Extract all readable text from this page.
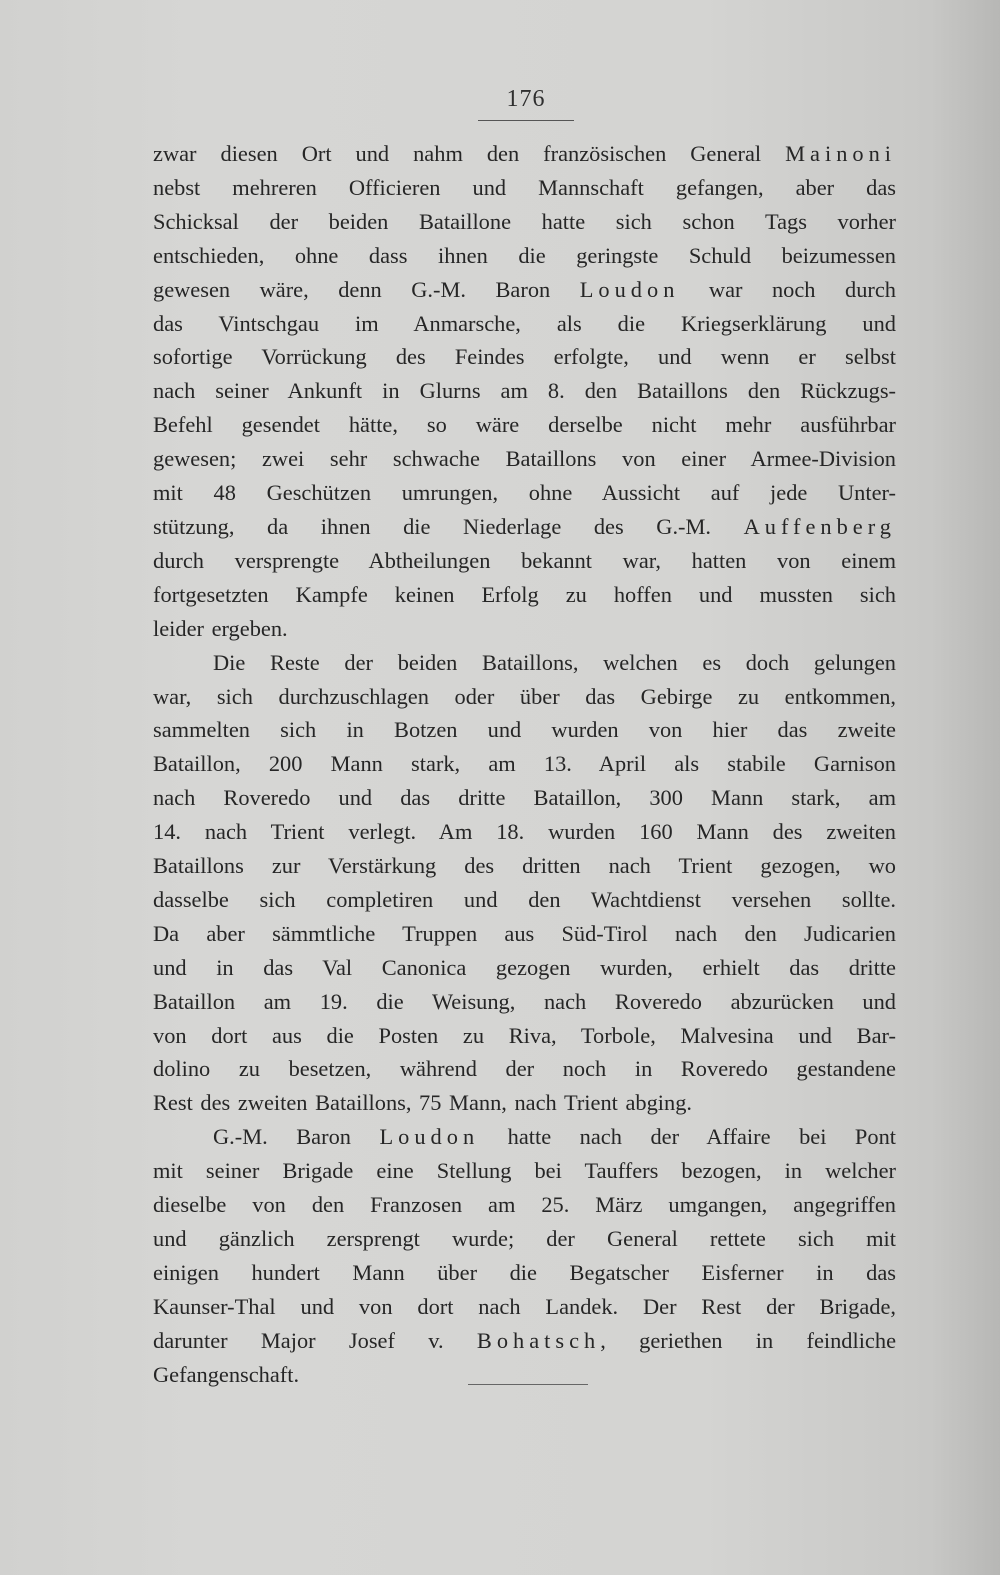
176

zwar diesen Ort und nahm den französischen General Mainoni

nebst mehreren Officieren und Mannschaft gefangen, aber das

Schicksal der beiden Bataillone hatte sich schon Tags vorher

entschieden, ohne dass ihnen die geringste Schuld beizumessen

gewesen wäre, denn G.-M. Baron Loudon war noch durch

das Vintschgau im Anmarsche, als die Kriegserklärung und

sofortige Vorrückung des Feindes erfolgte, und wenn er selbst

nach seiner Ankunft in Glurns am 8. den Bataillons den Rückzugs-

Befehl gesendet hätte, so wäre derselbe nicht mehr ausführbar

gewesen; zwei sehr schwache Bataillons von einer Armee-Division

mit 48 Geschützen umrungen, ohne Aussicht auf jede Unter-

stützung, da ihnen die Niederlage des G.-M. Auffenberg

durch versprengte Abtheilungen bekannt war, hatten von einem

fortgesetzten Kampfe keinen Erfolg zu hoffen und mussten sich

leider ergeben.

Die Reste der beiden Bataillons, welchen es doch gelungen

war, sich durchzuschlagen oder über das Gebirge zu entkommen,

sammelten sich in Botzen und wurden von hier das zweite

Bataillon, 200 Mann stark, am 13. April als stabile Garnison

nach Roveredo und das dritte Bataillon, 300 Mann stark, am

14. nach Trient verlegt. Am 18. wurden 160 Mann des zweiten

Bataillons zur Verstärkung des dritten nach Trient gezogen, wo

dasselbe sich completiren und den Wachtdienst versehen sollte.

Da aber sämmtliche Truppen aus Süd-Tirol nach den Judicarien

und in das Val Canonica gezogen wurden, erhielt das dritte

Bataillon am 19. die Weisung, nach Roveredo abzurücken und

von dort aus die Posten zu Riva, Torbole, Malvesina und Bar-

dolino zu besetzen, während der noch in Roveredo gestandene

Rest des zweiten Bataillons, 75 Mann, nach Trient abging.

G.-M. Baron Loudon hatte nach der Affaire bei Pont

mit seiner Brigade eine Stellung bei Tauffers bezogen, in welcher

dieselbe von den Franzosen am 25. März umgangen, angegriffen

und gänzlich zersprengt wurde; der General rettete sich mit

einigen hundert Mann über die Begatscher Eisferner in das

Kaunser-Thal und von dort nach Landek. Der Rest der Brigade,

darunter Major Josef v. Bohatsch, geriethen in feindliche

Gefangenschaft.
